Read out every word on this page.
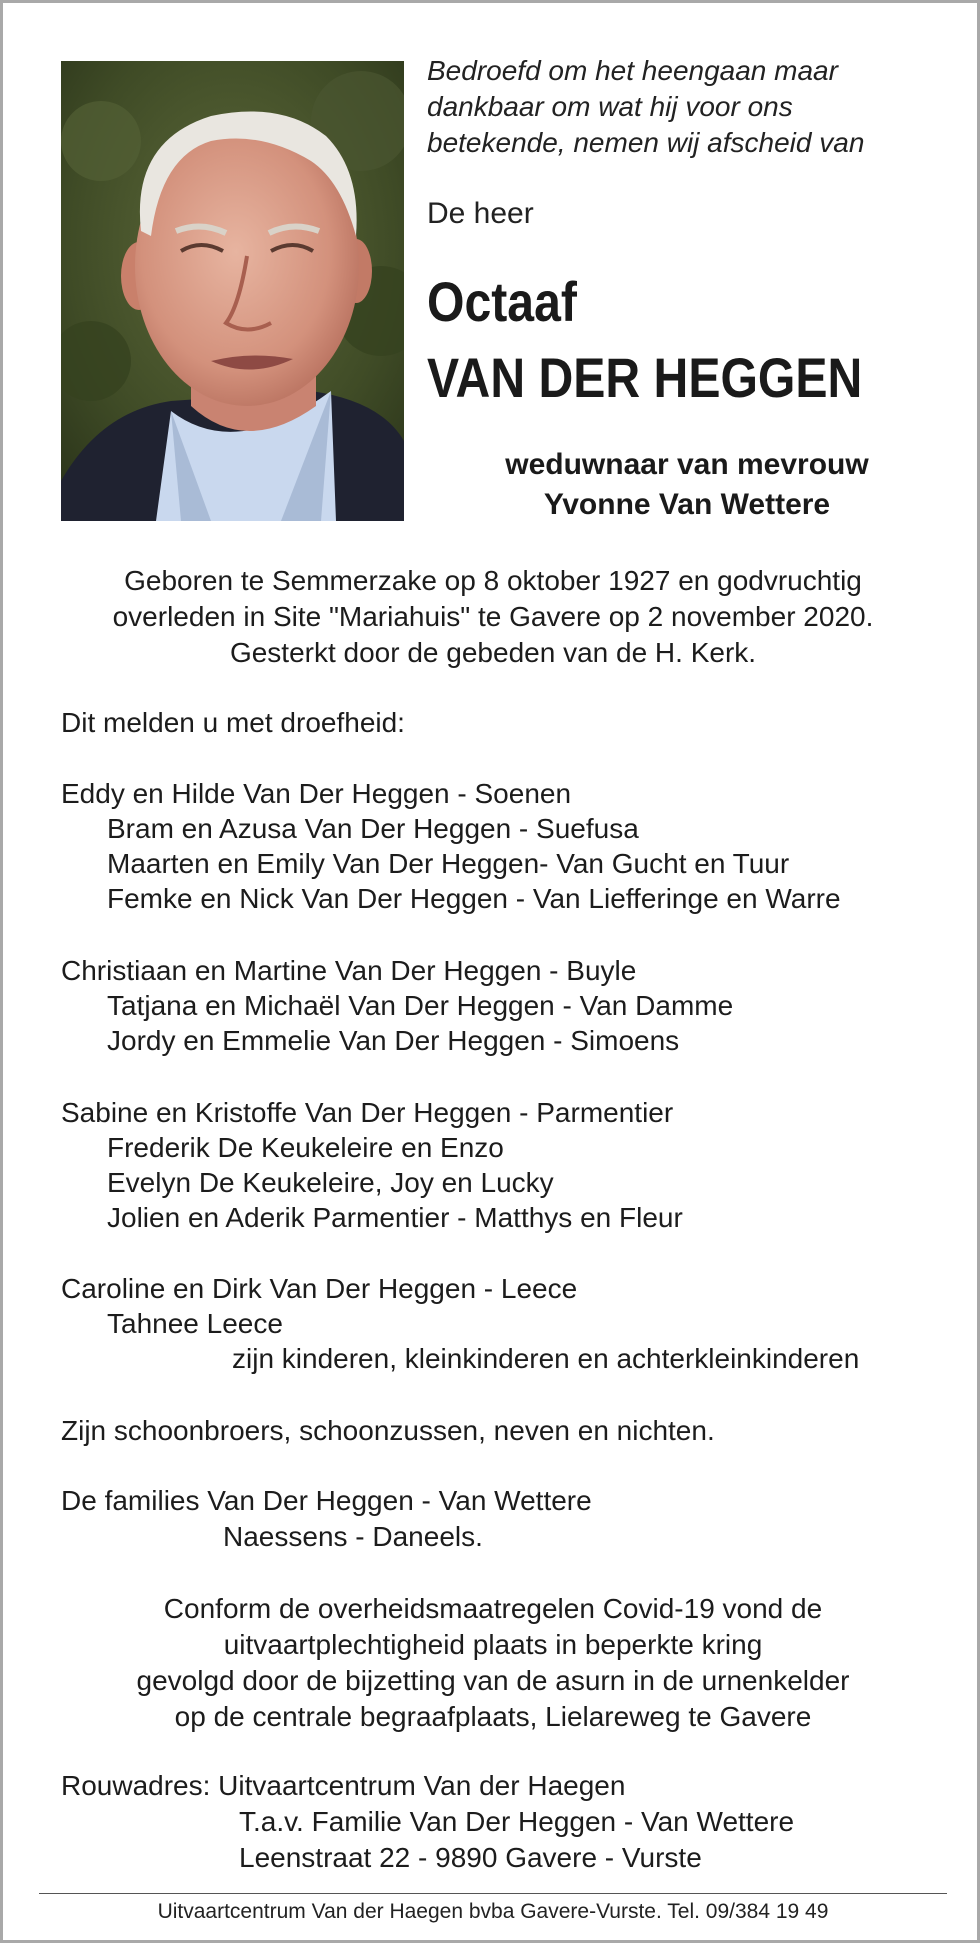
Bedroefd om het heengaan maar
dankbaar om wat hij voor ons
betekende, nemen wij afscheid van
De heer
Octaaf
VAN DER HEGGEN
weduwnaar van mevrouw
Yvonne Van Wettere
Geboren te Semmerzake op 8 oktober 1927 en godvruchtig
overleden in Site "Mariahuis" te Gavere op 2 november 2020.
Gesterkt door de gebeden van de H. Kerk.
Dit melden u met droefheid:
Eddy en Hilde Van Der Heggen - Soenen
Bram en Azusa Van Der Heggen - Suefusa
Maarten en Emily Van Der Heggen- Van Gucht en Tuur
Femke en Nick Van Der Heggen - Van Liefferinge en Warre
Christiaan en Martine Van Der Heggen - Buyle
Tatjana en Michaël Van Der Heggen - Van Damme
Jordy en Emmelie Van Der Heggen - Simoens
Sabine en Kristoffe Van Der Heggen - Parmentier
Frederik De Keukeleire en Enzo
Evelyn De Keukeleire, Joy en Lucky
Jolien en Aderik Parmentier - Matthys en Fleur
Caroline en Dirk Van Der Heggen - Leece
Tahnee Leece
zijn kinderen, kleinkinderen en achterkleinkinderen
Zijn schoonbroers, schoonzussen, neven en nichten.
De families Van Der Heggen - Van Wettere
Naessens - Daneels.
Conform de overheidsmaatregelen Covid-19 vond de
uitvaartplechtigheid plaats in beperkte kring
gevolgd door de bijzetting van de asurn in de urnenkelder
op de centrale begraafplaats, Lielareweg te Gavere
Rouwadres: Uitvaartcentrum Van der Haegen
T.a.v. Familie Van Der Heggen - Van Wettere
Leenstraat 22 - 9890 Gavere - Vurste
Uitvaartcentrum Van der Haegen bvba Gavere-Vurste. Tel. 09/384 19 49
